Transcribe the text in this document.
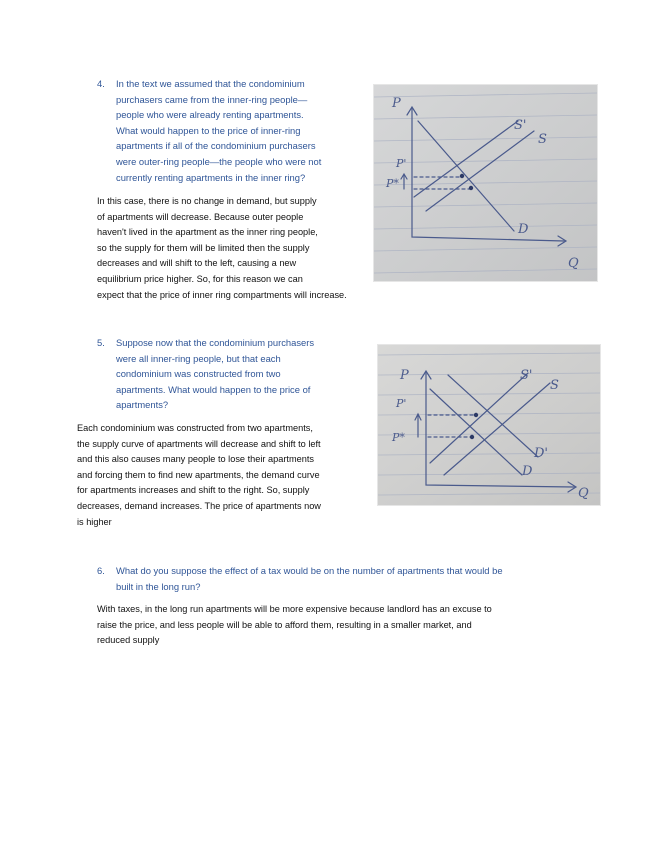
4. In the text we assumed that the condominium
purchasers came from the inner-ring people—
people who were already renting apartments.
What would happen to the price of inner-ring
apartments if all of the condominium purchasers
were outer-ring people—the people who were not
currently renting apartments in the inner ring?
In this case, there is no change in demand, but supply
of apartments will decrease. Because outer people
haven't lived in the apartment as the inner ring people,
so the supply for them will be limited then the supply
decreases and will shift to the left, causing a new
equilibrium price higher. So, for this reason we can
expect that the price of inner ring compartments will increase.
P
Q
S'
S
D
P'
P*
5. Suppose now that the condominium purchasers
were all inner-ring people, but that each
condominium was constructed from two
apartments. What would happen to the price of
apartments?
Each condominium was constructed from two apartments,
the supply curve of apartments will decrease and shift to left
and this also causes many people to lose their apartments
and forcing them to find new apartments, the demand curve
for apartments increases and shift to the right. So, supply
decreases, demand increases. The price of apartments now
is higher
P
Q
S'
S
D'
D
P'
P*
6. What do you suppose the effect of a tax would be on the number of apartments that would be
built in the long run?
With taxes, in the long run apartments will be more expensive because landlord has an excuse to
raise the price, and less people will be able to afford them, resulting in a smaller market, and
reduced supply
